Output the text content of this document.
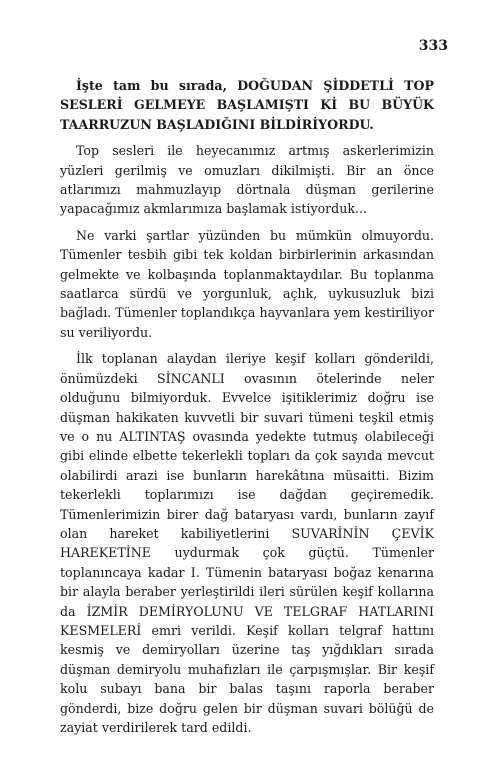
333

İşte tam bu sırada, DOĞUDAN ŞİDDETLİ TOP SESLERİ GELMEYE BAŞLAMIŞTI Kİ BU BÜYÜK TAARRUZUN BAŞLADIĞINI BİLDİRİYORDU.

Top sesleri ile heyecanımız artmış askerlerimizin yüzleri gerilmiş ve omuzları dikilmişti. Bir an önce atlarımızı mahmuzlayıp dörtnala düşman gerilerine yapacağımız akmlarımıza başlamak istiyorduk...

Ne varki şartlar yüzünden bu mümkün olmuyordu. Tümenler tesbih gibi tek koldan birbirlerinin arkasından gelmekte ve kolbaşında toplanmaktaydılar. Bu toplanma saatlarca sürdü ve yorgunluk, açlık, uykusuzluk bizi bağladı. Tümenler toplandıkça hayvanlara yem kestiriliyor su veriliyordu.

İlk toplanan alaydan ileriye keşif kolları gönderildi, önümüzdeki SİNCANLI ovasının ötelerinde neler olduğunu bilmiyorduk. Evvelce işitiklerimiz doğru ise düşman hakikaten kuvvetli bir suvari tümeni teşkil etmiş ve o nu ALTINTAŞ ovasında yedekte tutmuş olabileceği gibi elinde elbette tekerlekli topları da çok sayıda mevcut olabilirdi arazi ise bunların harekâtına müsaitti. Bizim tekerlekli toplarımızı ise dağdan geçiremedik. Tümenlerimizin birer dağ bataryası vardı, bunların zayıf olan hareket kabiliyetlerini SUVARİNİN ÇEVİK HAREKETİNE uydurmak çok güçtü. Tümenler toplanıncaya kadar I. Tümenin bataryası boğaz kenarına bir alayla beraber yerleştirildi ileri sürülen keşif kollarına da İZMİR DEMİRYOLUNU VE TELGRAF HATLARINI KESMELERİ emri verildi. Keşif kolları telgraf hattını kesmiş ve demiryolları üzerine taş yığdıkları sırada düşman demiryolu muhafızları ile çarpışmışlar. Bir keşif kolu subayı bana bir balas taşını raporla beraber gönderdi, bize doğru gelen bir düşman suvari bölüğü de zayiat verdirilerek tard edildi.
